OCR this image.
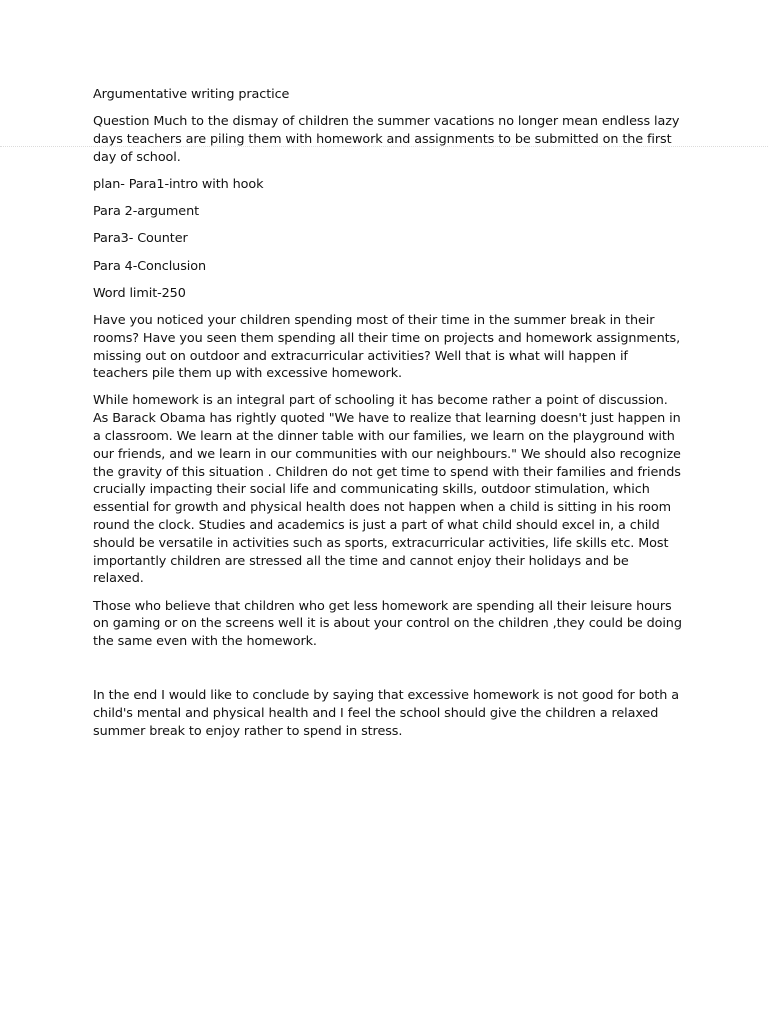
Argumentative writing practice

Question Much to the dismay of children the summer vacations no longer mean endless lazy days teachers are piling them with homework and assignments to be submitted on the first day of school.

plan- Para1-intro with hook

Para 2-argument

Para3- Counter

Para 4-Conclusion

Word limit-250

Have you noticed your children spending most of their time in the summer break in their rooms? Have you seen them spending all their time on projects and homework assignments, missing out on outdoor and extracurricular activities? Well that is what will happen if teachers pile them up with excessive homework.

While homework is an integral part of schooling it has become rather a point of discussion. As Barack Obama has rightly quoted "We have to realize that learning doesn't just happen in a classroom. We learn at the dinner table with our families, we learn on the playground with our friends, and we learn in our communities with our neighbours." We should also recognize the gravity of this situation . Children do not get time to spend with their families and friends crucially impacting their social life and communicating skills, outdoor stimulation, which essential for growth and physical health does not happen when a child is sitting in his room round the clock. Studies and academics is just a part of what child should excel in, a child should be versatile in activities such as sports, extracurricular activities, life skills etc. Most importantly children are stressed all the time and cannot enjoy their holidays and be relaxed.

Those who believe that children who get less homework are spending all their leisure hours on gaming or on the screens well it is about your control on the children ,they could be doing the same even with the homework.

In the end I would like to conclude by saying that excessive homework is not good for both a child's mental and physical health and I feel the school should give the children a relaxed summer break to enjoy rather to spend in stress.
